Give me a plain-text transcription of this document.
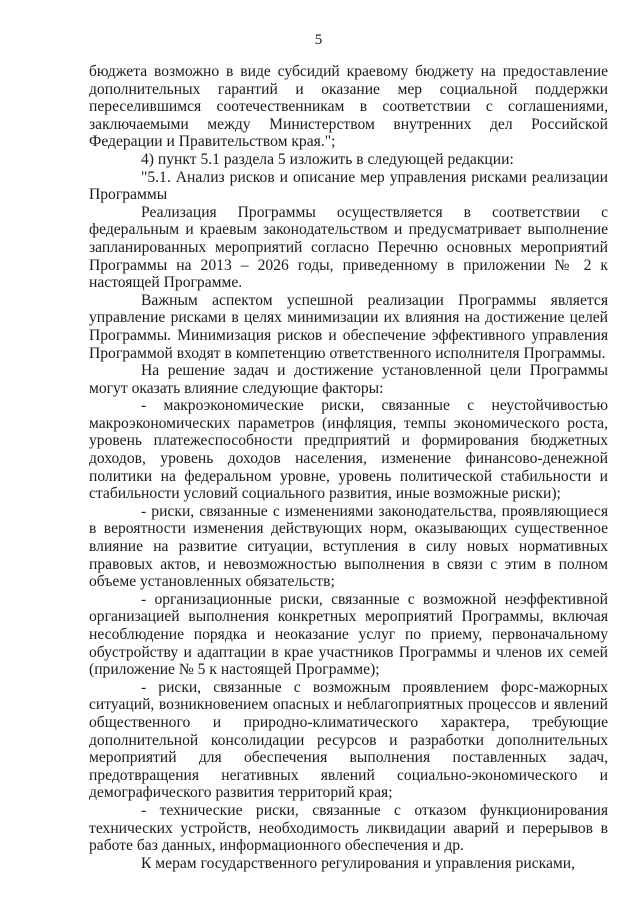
5

бюджета возможно в виде субсидий краевому бюджету на предоставление дополнительных гарантий и оказание мер социальной поддержки переселившимся соотечественникам в соответствии с соглашениями, заключаемыми между Министерством внутренних дел Российской Федерации и Правительством края.";

4) пункт 5.1 раздела 5 изложить в следующей редакции:

"5.1. Анализ рисков и описание мер управления рисками реализации Программы

Реализация Программы осуществляется в соответствии с федеральным и краевым законодательством и предусматривает выполнение запланированных мероприятий согласно Перечню основных мероприятий Программы на 2013 – 2026 годы, приведенному в приложении № 2 к настоящей Программе.

Важным аспектом успешной реализации Программы является управление рисками в целях минимизации их влияния на достижение целей Программы. Минимизация рисков и обеспечение эффективного управления Программой входят в компетенцию ответственного исполнителя Программы.

На решение задач и достижение установленной цели Программы могут оказать влияние следующие факторы:

- макроэкономические риски, связанные с неустойчивостью макроэкономических параметров (инфляция, темпы экономического роста, уровень платежеспособности предприятий и формирования бюджетных доходов, уровень доходов населения, изменение финансово-денежной политики на федеральном уровне, уровень политической стабильности и стабильности условий социального развития, иные возможные риски);

- риски, связанные с изменениями законодательства, проявляющиеся в вероятности изменения действующих норм, оказывающих существенное влияние на развитие ситуации, вступления в силу новых нормативных правовых актов, и невозможностью выполнения в связи с этим в полном объеме установленных обязательств;

- организационные риски, связанные с возможной неэффективной организацией выполнения конкретных мероприятий Программы, включая несоблюдение порядка и неоказание услуг по приему, первоначальному обустройству и адаптации в крае участников Программы и членов их семей (приложение № 5 к настоящей Программе);

- риски, связанные с возможным проявлением форс-мажорных ситуаций, возникновением опасных и неблагоприятных процессов и явлений общественного и природно-климатического характера, требующие дополнительной консолидации ресурсов и разработки дополнительных мероприятий для обеспечения выполнения поставленных задач, предотвращения негативных явлений социально-экономического и демографического развития территорий края;

- технические риски, связанные с отказом функционирования технических устройств, необходимость ликвидации аварий и перерывов в работе баз данных, информационного обеспечения и др.

К мерам государственного регулирования и управления рисками,
